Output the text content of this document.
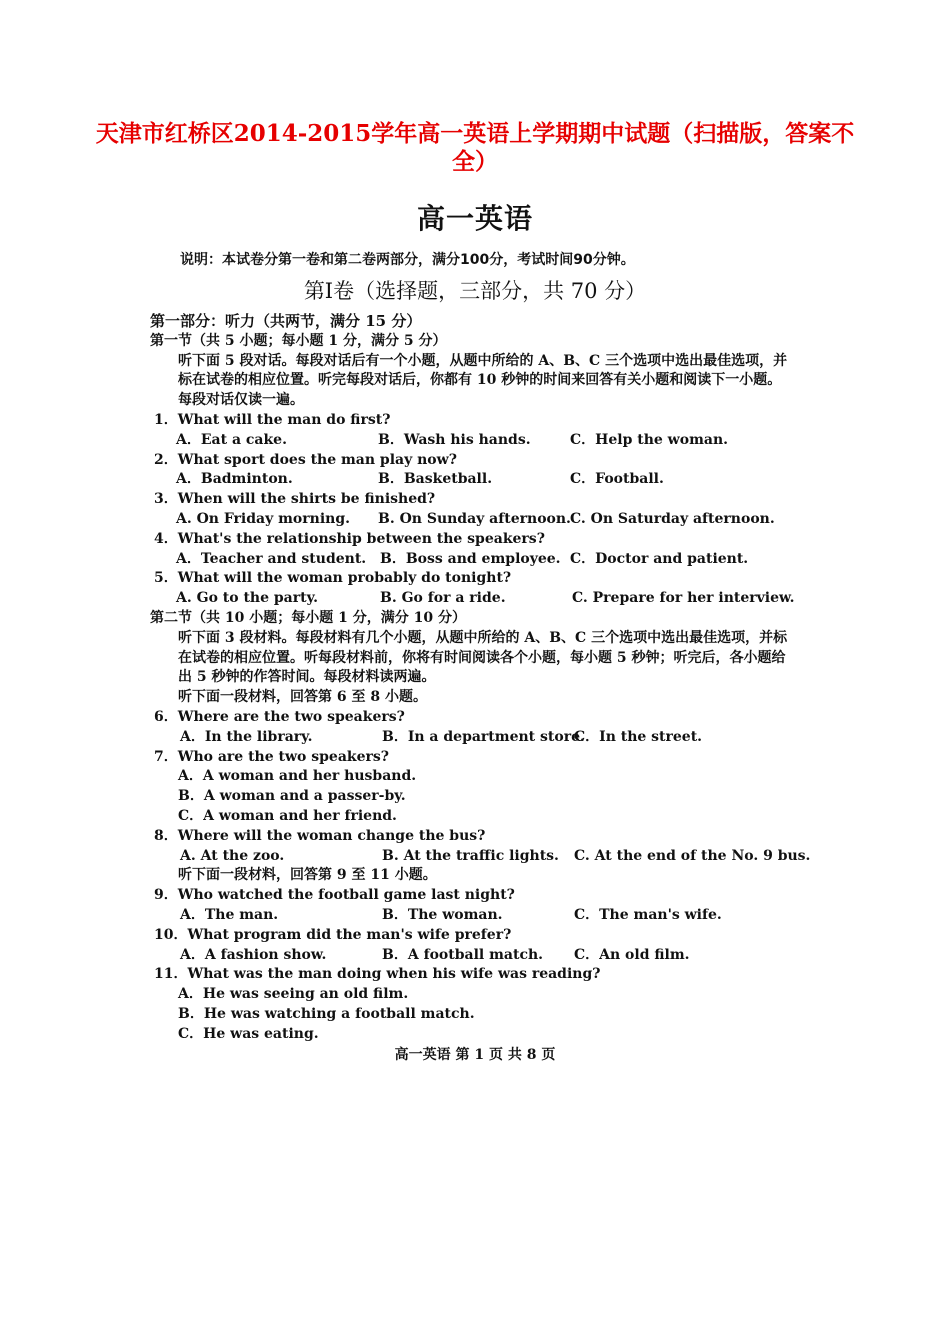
天津市红桥区2014-2015学年高一英语上学期期中试题（扫描版，答案不全）
高一英语
说明：本试卷分第一卷和第二卷两部分，满分100分，考试时间90分钟。
第Ⅰ卷（选择题，三部分，共 70 分）
第一部分：听力（共两节，满分 15 分）
第一节（共 5 小题；每小题 1 分，满分 5 分）
听下面 5 段对话。每段对话后有一个小题，从题中所给的 A、B、C 三个选项中选出最佳选项，并标在试卷的相应位置。听完每段对话后，你都有 10 秒钟的时间来回答有关小题和阅读下一小题。每段对话仅读一遍。
1．What will the man do first?
A．Eat a cake.	B．Wash his hands.	C．Help the woman.
2．What sport does the man play now?
A．Badminton.	B．Basketball.	C．Football.
3．When will the shirts be finished?
A. On Friday morning. B. On Sunday afternoon. C. On Saturday afternoon.
4．What's the relationship between the speakers?
A．Teacher and student. B．Boss and employee. C．Doctor and patient.
5．What will the woman probably do tonight?
A. Go to the party.	B. Go for a ride.	C. Prepare for her interview.
第二节（共 10 小题；每小题 1 分，满分 10 分）
听下面 3 段材料。每段材料有几个小题，从题中所给的 A、B、C 三个选项中选出最佳选项，并标在试卷的相应位置。听每段材料前，你将有时间阅读各个小题，每小题 5 秒钟；听完后，各小题给出 5 秒钟的作答时间。每段材料读两遍。
听下面一段材料，回答第 6 至 8 小题。
6．Where are the two speakers?
A．In the library.	B．In a department store.
C．In the street.
7．Who are the two speakers?
A．A woman and her husband.
B．A woman and a passer-by.
C．A woman and her friend.
8．Where will the woman change the bus?
A. At the zoo.	B. At the traffic lights. C. At the end of the No. 9 bus.
听下面一段材料，回答第 9 至 11 小题。
9．Who watched the football game last night?
A．The man.	B．The woman.	C．The man's wife.
10．What program did the man's wife prefer?
A．A fashion show.	B．A football match. C．An old film.
11．What was the man doing when his wife was reading?
A．He was seeing an old film.
B．He was watching a football match.
C．He was eating.
高一英语 第 1 页 共 8 页
